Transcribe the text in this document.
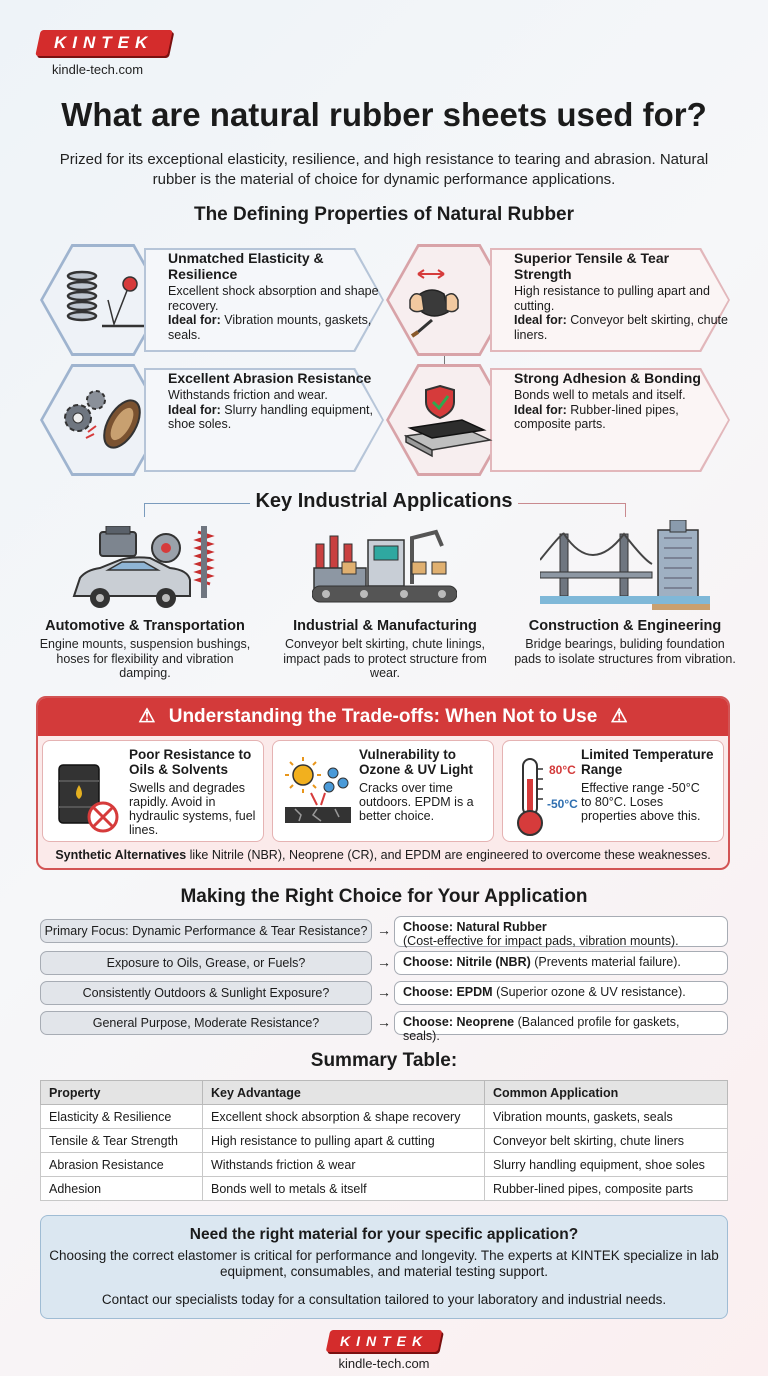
KINTEK
kindle-tech.com
What are natural rubber sheets used for?
Prized for its exceptional elasticity, resilience, and high resistance to tearing and abrasion. Natural rubber is the material of choice for dynamic performance applications.
The Defining Properties of Natural Rubber
Unmatched Elasticity & Resilience
Excellent shock absorption and shape recovery.
Ideal for: Vibration mounts, gaskets, seals.
Superior Tensile & Tear Strength
High resistance to pulling apart and cutting.
Ideal for: Conveyor belt skirting, chute liners.
Excellent Abrasion Resistance
Withstands friction and wear.
Ideal for: Slurry handling equipment, shoe soles.
Strong Adhesion & Bonding
Bonds well to metals and itself.
Ideal for: Rubber-lined pipes, composite parts.
Key Industrial Applications
Automotive & Transportation
Engine mounts, suspension bushings, hoses for flexibility and vibration damping.
Industrial & Manufacturing
Conveyor belt skirting, chute linings, impact pads to protect structure from wear.
Construction & Engineering
Bridge bearings, buliding foundation pads to isolate structures from vibration.
⚠ Understanding the Trade-offs: When Not to Use ⚠
Poor Resistance to Oils & Solvents
Swells and degrades rapidly. Avoid in hydraulic systems, fuel lines.
Vulnerability to Ozone & UV Light
Cracks over time outdoors. EPDM is a better choice.
80°C
-50°C
Limited Temperature Range
Effective range -50°C to 80°C. Loses properties above this.
Synthetic Alternatives like Nitrile (NBR), Neoprene (CR), and EPDM are engineered to overcome these weaknesses.
Making the Right Choice for Your Application
Primary Focus: Dynamic Performance & Tear Resistance? → Choose: Natural Rubber
(Cost-effective for impact pads, vibration mounts).
Exposure to Oils, Grease, or Fuels?	→ Choose: Nitrile (NBR) (Prevents material failure).
Consistently Outdoors & Sunlight Exposure?	→ Choose: EPDM (Superior ozone & UV resistance).
General Purpose, Moderate Resistance?	→ Choose: Neoprene (Balanced profile for gaskets, seals).
Summary Table:
Property	Key Advantage	Common Application
Elasticity & Resilience	Excellent shock absorption & shape recovery	Vibration mounts, gaskets, seals
Tensile & Tear Strength	High resistance to pulling apart & cutting	Conveyor belt skirting, chute liners
Abrasion Resistance	Withstands friction & wear	Slurry handling equipment, shoe soles
Adhesion	Bonds well to metals & itself	Rubber-lined pipes, composite parts
Need the right material for your specific application?
Choosing the correct elastomer is critical for performance and longevity. The experts at KINTEK specialize in lab equipment, consumables, and material testing support.
Contact our specialists today for a consultation tailored to your laboratory and industrial needs.
KINTEK
kindle-tech.com
